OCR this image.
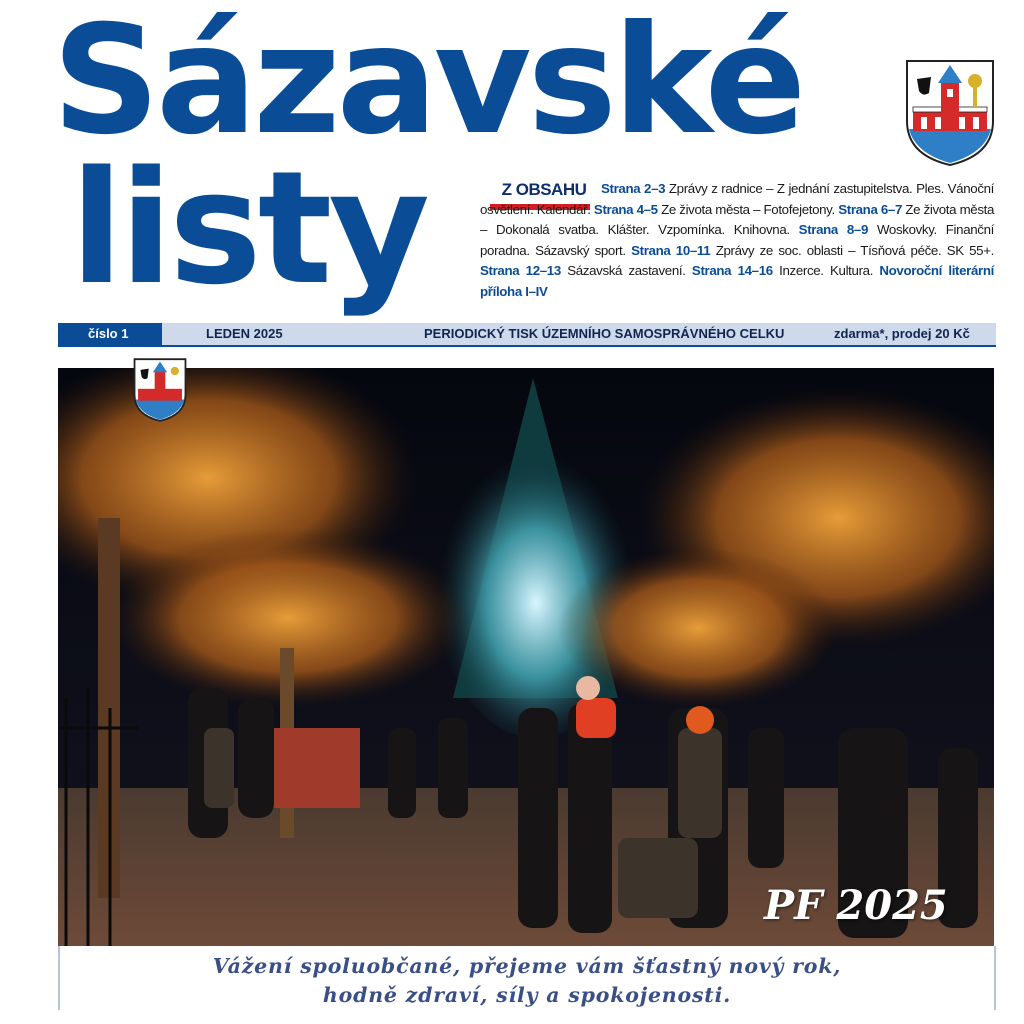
Sázavské
listy	Z OBSAHU	Strana 2–3 Zprávy z radnice – Z jednání zastupitelstva. Ples. Vánoční osvětlení. Kalendář. Strana 4–5 Ze života města – Fotofejetony. Strana 6–7 Ze života města – Dokonalá svatba. Klášter. Vzpomínka. Knihovna. Strana 8–9 Woskovky. Finanční poradna. Sázavský sport. Strana 10–11 Zprávy ze soc. oblasti – Tísňová péče. SK 55+. Strana 12–13 Sázavská zastavení. Strana 14–16 Inzerce. Kultura. Novoroční literární příloha I–IV
číslo 1	LEDEN 2025	PERIODICKÝ TISK ÚZEMNÍHO SAMOSPRÁVNÉHO CELKU	zdarma*, prodej 20 Kč
PF 2025
Vážení spoluobčané, přejeme vám šťastný nový rok,
hodně zdraví, síly a spokojenosti.
